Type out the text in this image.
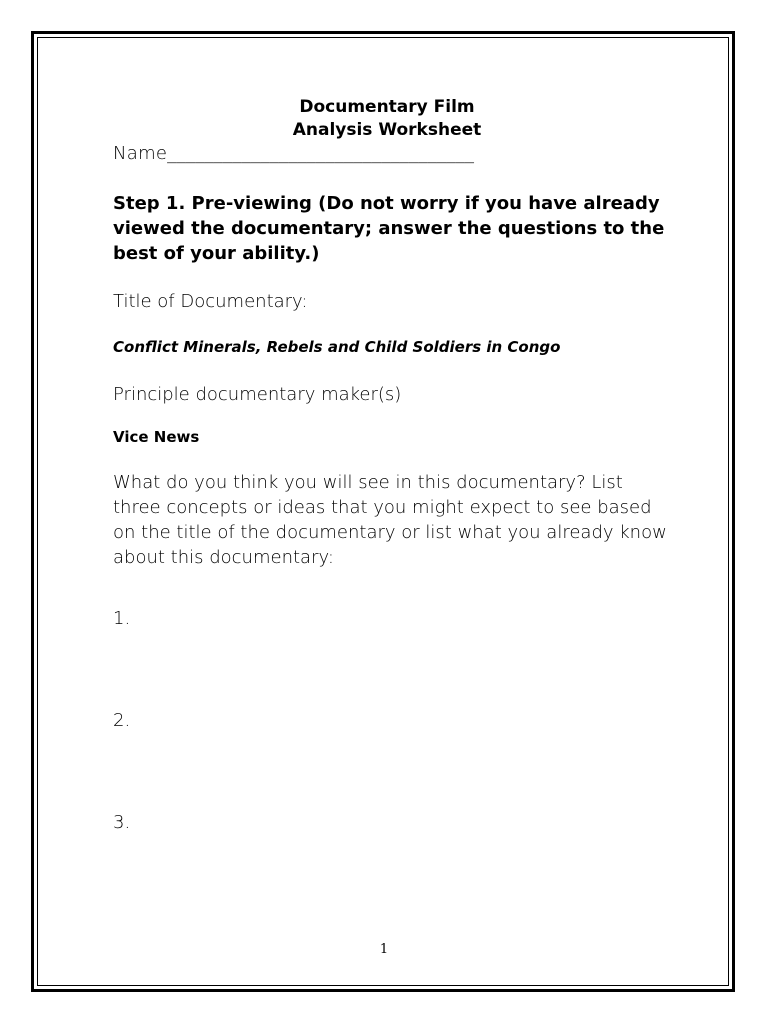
Documentary Film
Analysis Worksheet
Name_________________________________
Step 1. Pre-viewing (Do not worry if you have already viewed the documentary; answer the questions to the best of your ability.)
Title of Documentary:
Conflict Minerals, Rebels and Child Soldiers in Congo
Principle documentary maker(s)
Vice News
What do you think you will see in this documentary? List three concepts or ideas that you might expect to see based on the title of the documentary or list what you already know about this documentary:
1.
2.
3.
1
